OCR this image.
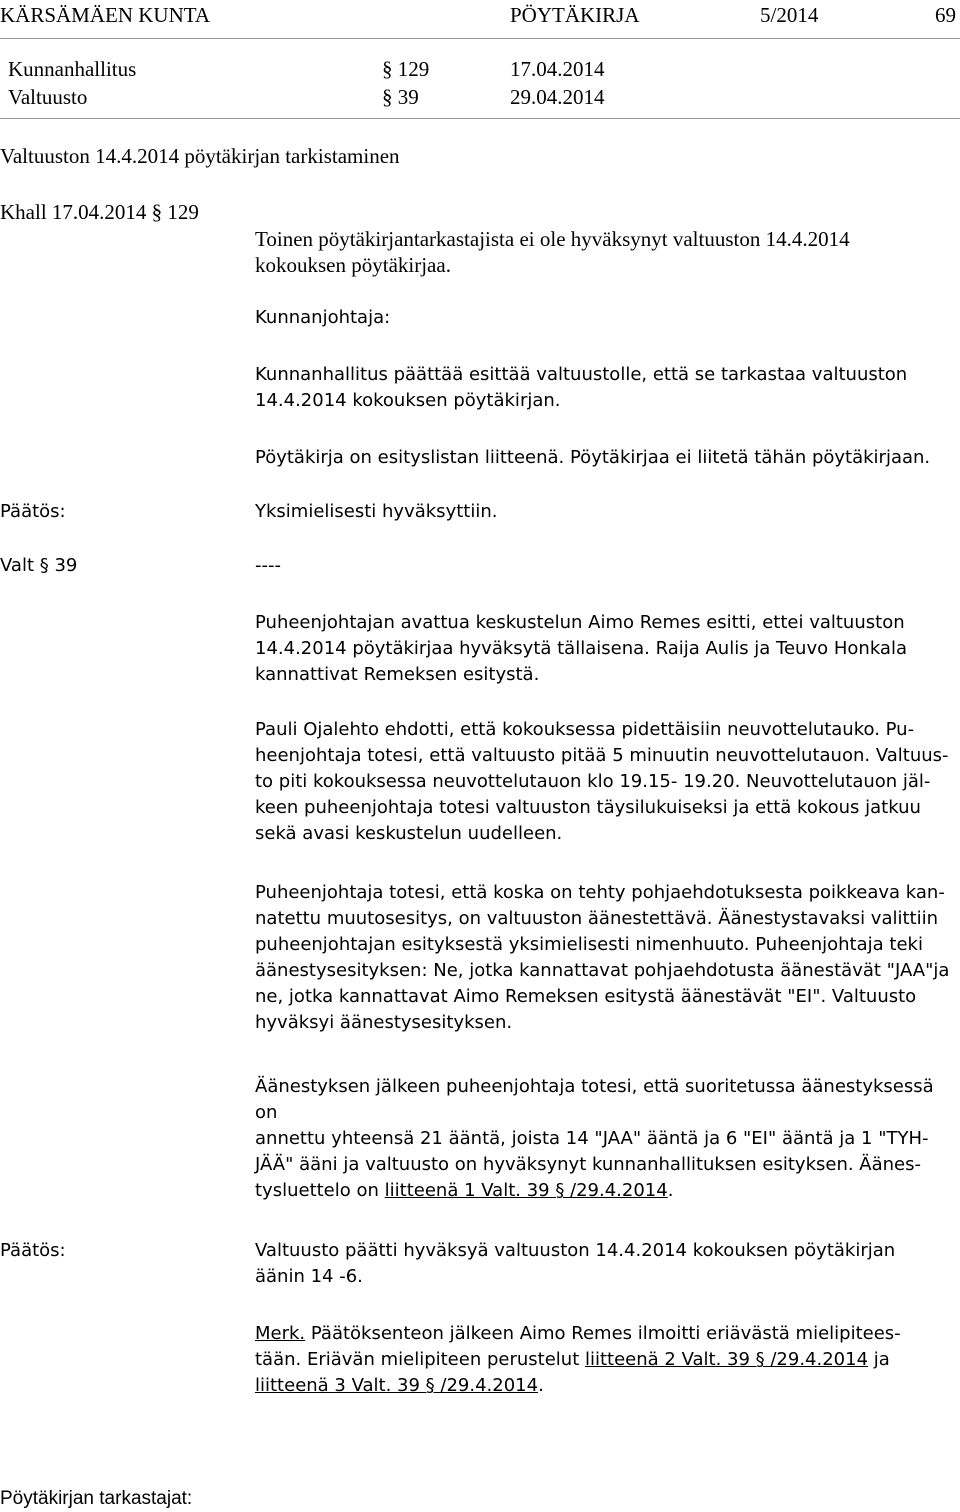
KÄRSÄMÄEN KUNTA	PÖYTÄKIRJA	5/2014	69
Kunnanhallitus	§ 129	17.04.2014
Valtuusto	§ 39	29.04.2014
Valtuuston 14.4.2014 pöytäkirjan tarkistaminen
Khall 17.04.2014 § 129

Toinen pöytäkirjantarkastajista ei ole hyväksynyt valtuuston 14.4.2014

kokouksen pöytäkirjaa.

Kunnanjohtaja:

Kunnanhallitus päättää esittää valtuustolle, että se tarkastaa valtuuston

14.4.2014 kokouksen pöytäkirjan.

Pöytäkirja on esityslistan liitteenä. Pöytäkirjaa ei liitetä tähän pöytäkirjaan.
Päätös:	Yksimielisesti hyväksyttiin.
Valt § 39	----

Puheenjohtajan avattua keskustelun Aimo Remes esitti, ettei valtuuston

14.4.2014 pöytäkirjaa hyväksytä tällaisena. Raija Aulis ja Teuvo Honkala

kannattivat Remeksen esitystä.

Pauli Ojalehto ehdotti, että kokouksessa pidettäisiin neuvottelutauko. Pu-

heenjohtaja totesi, että valtuusto pitää 5 minuutin neuvottelutauon. Valtuus-

to piti kokouksessa neuvottelutauon klo 19.15- 19.20. Neuvottelutauon jäl-

keen puheenjohtaja totesi valtuuston täysilukuiseksi ja että kokous jatkuu

sekä avasi keskustelun uudelleen.

Puheenjohtaja totesi, että koska on tehty pohjaehdotuksesta poikkeava kan-

natettu muutosesitys, on valtuuston äänestettävä. Äänestystavaksi valittiin

puheenjohtajan esityksestä yksimielisesti nimenhuuto. Puheenjohtaja teki

äänestysesityksen: Ne, jotka kannattavat pohjaehdotusta äänestävät "JAA"ja

ne, jotka kannattavat Aimo Remeksen esitystä äänestävät "EI". Valtuusto

hyväksyi äänestysesityksen.

Äänestyksen jälkeen puheenjohtaja totesi, että suoritetussa äänestyksessä on

annettu yhteensä 21 ääntä, joista 14 "JAA" ääntä ja 6 "EI" ääntä ja 1 "TYH-

JÄÄ" ääni ja valtuusto on hyväksynyt kunnanhallituksen esityksen. Äänes-

tysluettelo on liitteenä 1 Valt. 39 § /29.4.2014.

Päätös:	Valtuusto päätti hyväksyä valtuuston 14.4.2014 kokouksen pöytäkirjan

äänin 14 -6.

Merk. Päätöksenteon jälkeen Aimo Remes ilmoitti eriävästä mielipitees-

tään. Eriävän mielipiteen perustelut liitteenä 2 Valt. 39 § /29.4.2014 ja

liitteenä 3 Valt. 39 § /29.4.2014.

Pöytäkirjan tarkastajat:
